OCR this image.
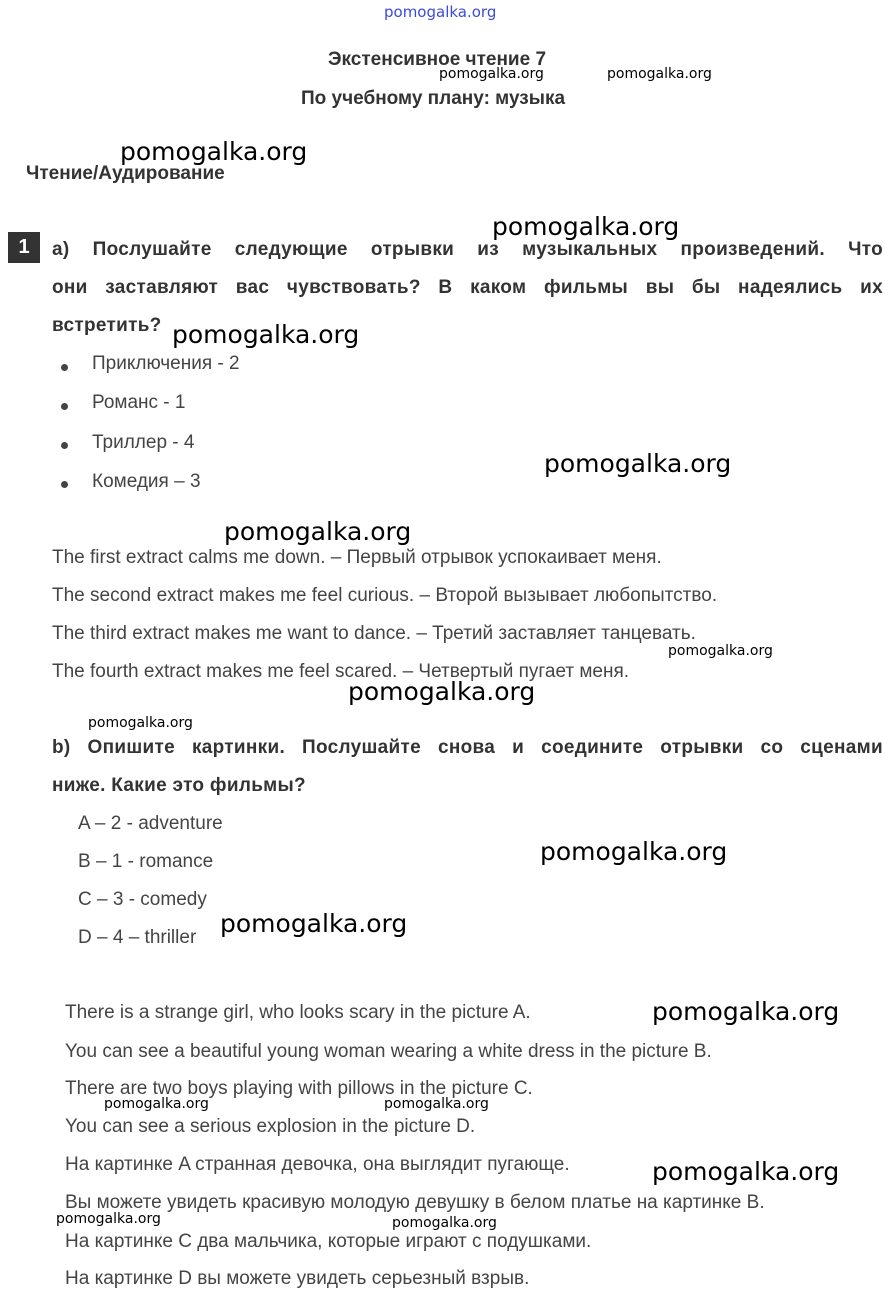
pomogalka.org
Экстенсивное чтение 7
По учебному плану: музыка
Чтение/Аудирование
1	a) Послушайте следующие отрывки из музыкальных произведений. Что
они заставляют вас чувствовать? В каком фильмы вы бы надеялись их
встретить?
Приключения - 2
Романс - 1
Триллер - 4
Комедия – 3
The first extract calms me down. – Первый отрывок успокаивает меня.
The second extract makes me feel curious. – Второй вызывает любопытство.
The third extract makes me want to dance. – Третий заставляет танцевать.
The fourth extract makes me feel scared. – Четвертый пугает меня.
b) Опишите картинки. Послушайте снова и соедините отрывки со сценами
ниже. Какие это фильмы?
A – 2 - adventure
B – 1 - romance
C – 3 - comedy
D – 4 – thriller
There is a strange girl, who looks scary in the picture A.
You can see a beautiful young woman wearing a white dress in the picture B.
There are two boys playing with pillows in the picture C.
You can see a serious explosion in the picture D.
На картинке A странная девочка, она выглядит пугающе.
Вы можете увидеть красивую молодую девушку в белом платье на картинке B.
На картинке C два мальчика, которые играют с подушками.
На картинке D вы можете увидеть серьезный взрыв.
pomogalka.org	pomogalka.org
pomogalka.org
pomogalka.org
pomogalka.org
pomogalka.org
pomogalka.org
pomogalka.org
pomogalka.org
pomogalka.org
pomogalka.org
pomogalka.org
pomogalka.org
pomogalka.org	pomogalka.org
pomogalka.org
pomogalka.org	pomogalka.org
